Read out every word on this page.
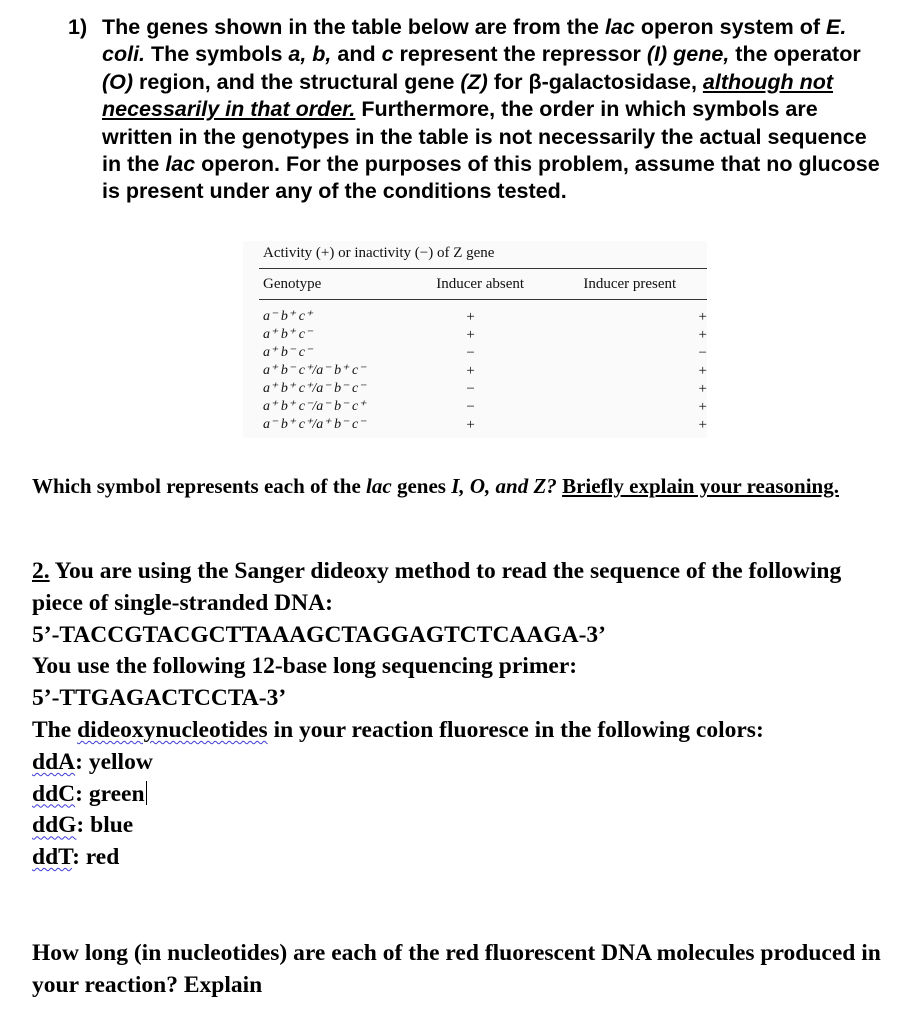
1) The genes shown in the table below are from the lac operon system of E. coli. The symbols a, b, and c represent the repressor (I) gene, the operator (O) region, and the structural gene (Z) for β-galactosidase, although not necessarily in that order. Furthermore, the order in which symbols are written in the genotypes in the table is not necessarily the actual sequence in the lac operon. For the purposes of this problem, assume that no glucose is present under any of the conditions tested.
Activity (+) or inactivity (−) of Z gene
Genotype	Inducer absent	Inducer present
a⁻ b⁺ c⁺	+	+
a⁺ b⁺ c⁻	+	+
a⁺ b⁻ c⁻	−	−
a⁺ b⁻ c⁺/a⁻ b⁺ c⁻	+	+
a⁺ b⁺ c⁺/a⁻ b⁻ c⁻	−	+
a⁺ b⁺ c⁻/a⁻ b⁻ c⁺	−	+
a⁻ b⁺ c⁺/a⁺ b⁻ c⁻	+	+
Which symbol represents each of the lac genes I, O, and Z? Briefly explain your reasoning.
2. You are using the Sanger dideoxy method to read the sequence of the following piece of single-stranded DNA:
5’-TACCGTACGCTTAAAGCTAGGAGTCTCAAGA-3’
You use the following 12-base long sequencing primer:
5’-TTGAGACTCCTA-3’
The dideoxynucleotides in your reaction fluoresce in the following colors:
ddA: yellow
ddC: green
ddG: blue
ddT: red
How long (in nucleotides) are each of the red fluorescent DNA molecules produced in your reaction? Explain
